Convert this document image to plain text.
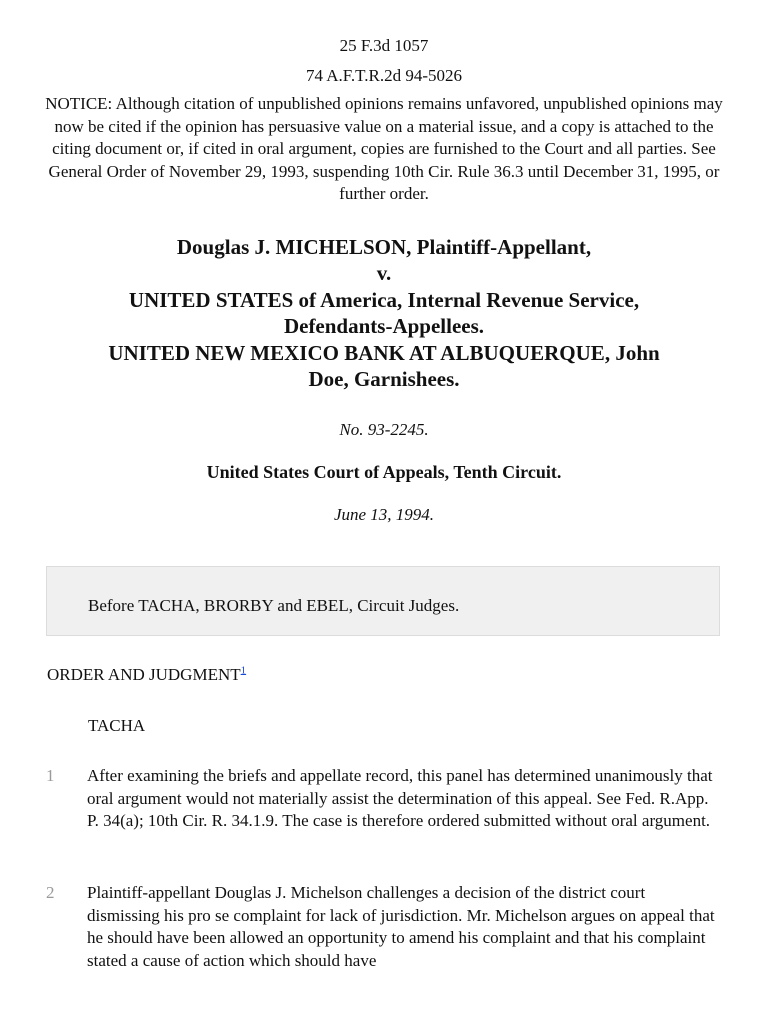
25 F.3d 1057
74 A.F.T.R.2d 94-5026
NOTICE: Although citation of unpublished opinions remains unfavored, unpublished opinions may now be cited if the opinion has persuasive value on a material issue, and a copy is attached to the citing document or, if cited in oral argument, copies are furnished to the Court and all parties. See General Order of November 29, 1993, suspending 10th Cir. Rule 36.3 until December 31, 1995, or further order.
Douglas J. MICHELSON, Plaintiff-Appellant,
v.
UNITED STATES of America, Internal Revenue Service,
Defendants-Appellees.
UNITED NEW MEXICO BANK AT ALBUQUERQUE, John
Doe, Garnishees.
No. 93-2245.
United States Court of Appeals, Tenth Circuit.
June 13, 1994.
Before TACHA, BRORBY and EBEL, Circuit Judges.
ORDER AND JUDGMENT$^1$
TACHA
1 After examining the briefs and appellate record, this panel has determined unanimously that oral argument would not materially assist the determination of this appeal. See Fed. R.App. P. 34(a); 10th Cir. R. 34.1.9. The case is therefore ordered submitted without oral argument.
2 Plaintiff-appellant Douglas J. Michelson challenges a decision of the district court dismissing his pro se complaint for lack of jurisdiction. Mr. Michelson argues on appeal that he should have been allowed an opportunity to amend his complaint and that his complaint stated a cause of action which should have
